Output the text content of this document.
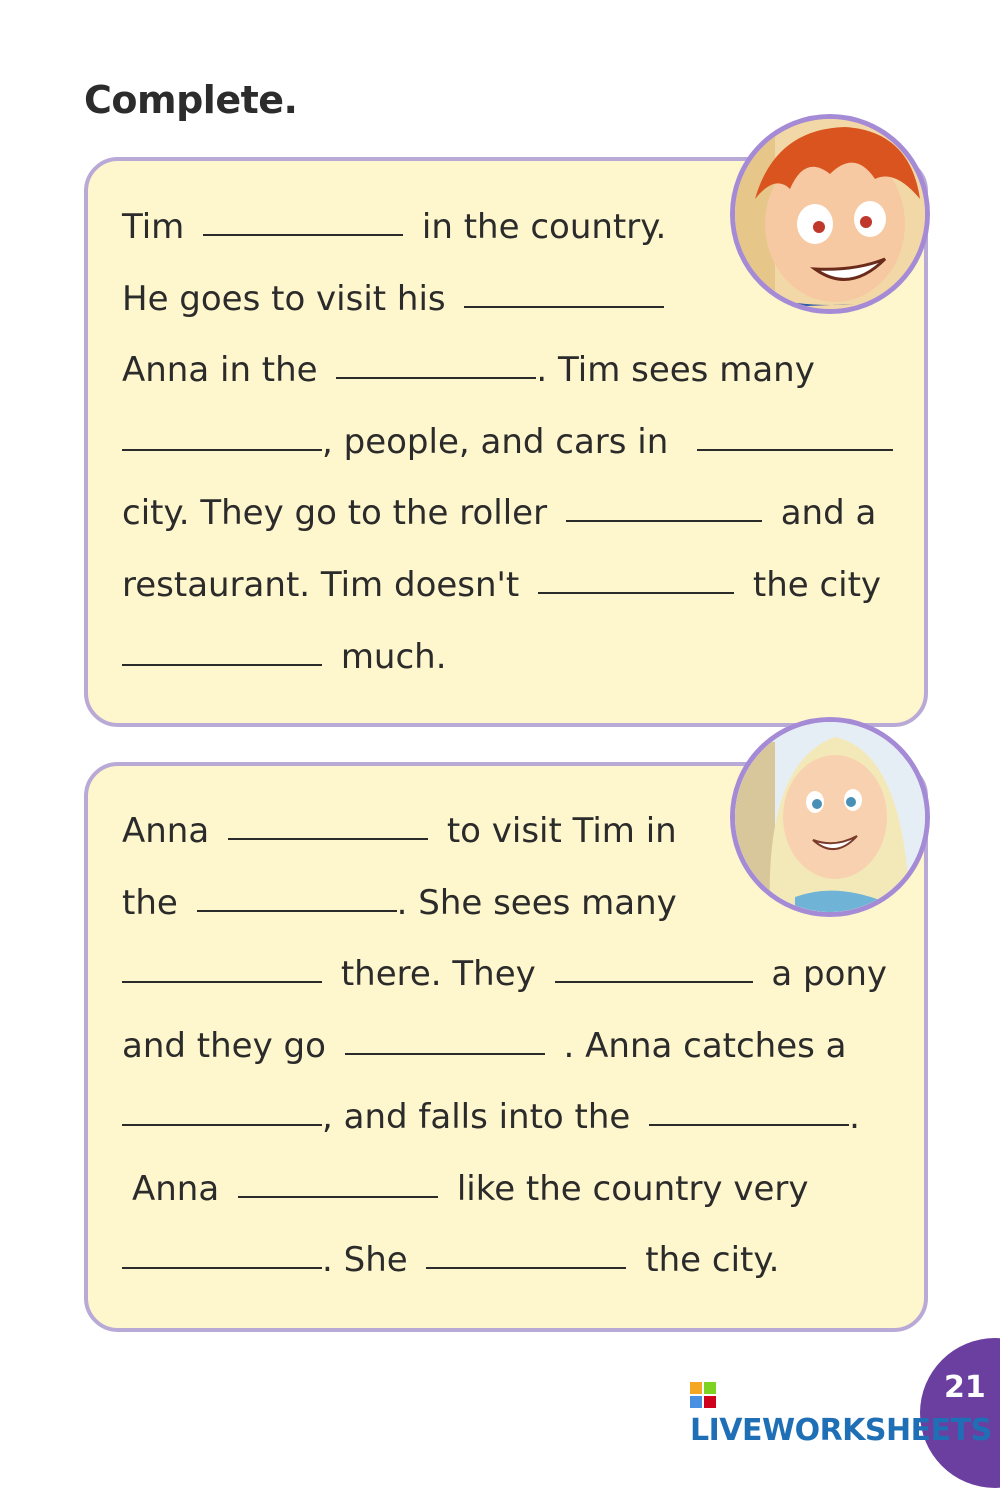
Complete.
Tim	in the country.
He goes to visit his
Anna in the	. Tim sees many
, people, and cars in
city. They go to the roller	and a
restaurant. Tim doesn't	the city
much.
Anna	to visit Tim in
the	. She sees many
there. They	a pony
and they go	. Anna catches a
, and falls into the	.
Anna	like the country very
. She	the city.
21
LIVEWORKSHEETS
